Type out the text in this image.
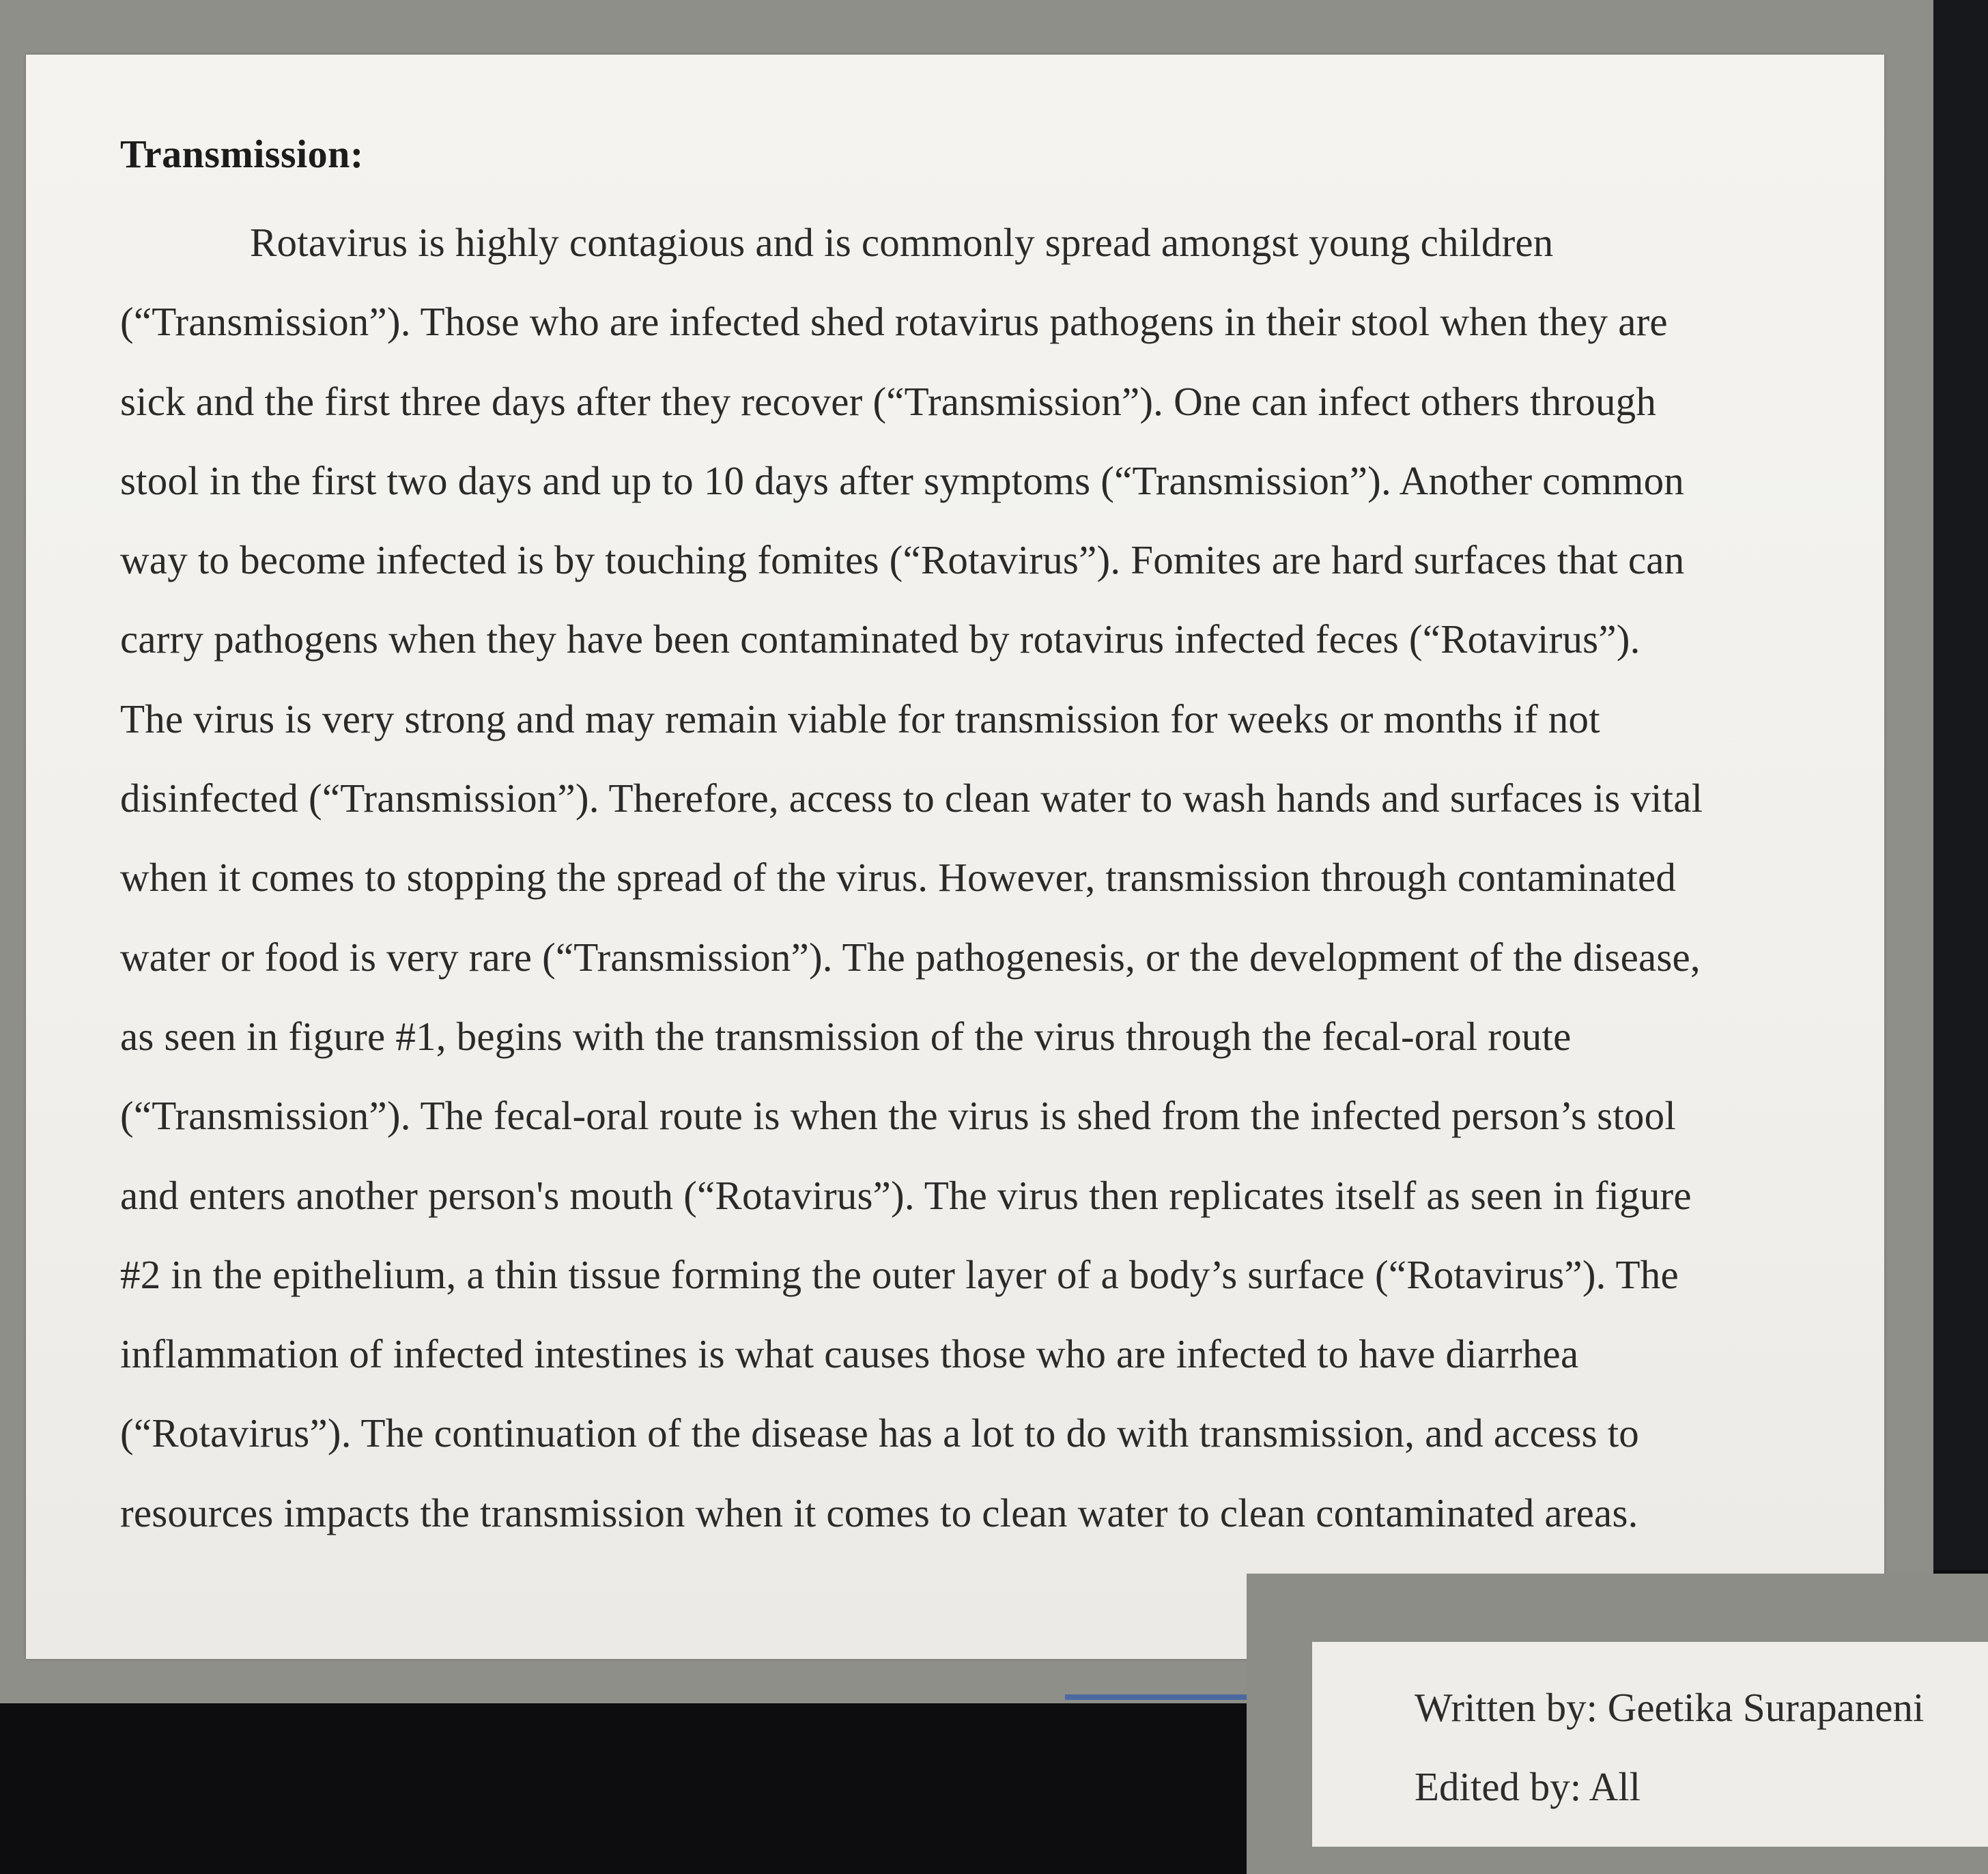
Transmission:
Rotavirus is highly contagious and is commonly spread amongst young children
(“Transmission”). Those who are infected shed rotavirus pathogens in their stool when they are
sick and the first three days after they recover (“Transmission”). One can infect others through
stool in the first two days and up to 10 days after symptoms (“Transmission”). Another common
way to become infected is by touching fomites (“Rotavirus”). Fomites are hard surfaces that can
carry pathogens when they have been contaminated by rotavirus infected feces (“Rotavirus”).
The virus is very strong and may remain viable for transmission for weeks or months if not
disinfected (“Transmission”). Therefore, access to clean water to wash hands and surfaces is vital
when it comes to stopping the spread of the virus. However, transmission through contaminated
water or food is very rare (“Transmission”). The pathogenesis, or the development of the disease,
as seen in figure #1, begins with the transmission of the virus through the fecal-oral route
(“Transmission”). The fecal-oral route is when the virus is shed from the infected person’s stool
and enters another person's mouth (“Rotavirus”). The virus then replicates itself as seen in figure
#2 in the epithelium, a thin tissue forming the outer layer of a body’s surface (“Rotavirus”). The
inflammation of infected intestines is what causes those who are infected to have diarrhea
(“Rotavirus”). The continuation of the disease has a lot to do with transmission, and access to
resources impacts the transmission when it comes to clean water to clean contaminated areas.
Written by: Geetika Surapaneni
Edited by: All
